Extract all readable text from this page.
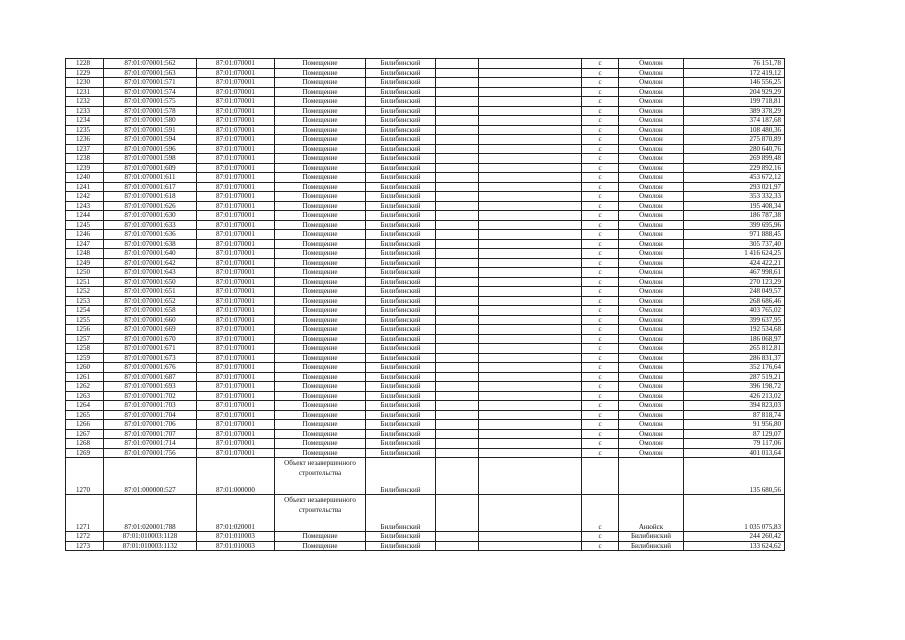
1228	87:01:070001:562	87:01:070001	Помещение	Билибинский			с	Омолон	76 151,78
1229	87:01:070001:563	87:01:070001	Помещение	Билибинский			с	Омолон	172 419,12
1230	87:01:070001:571	87:01:070001	Помещение	Билибинский			с	Омолон	146 556,25
1231	87:01:070001:574	87:01:070001	Помещение	Билибинский			с	Омолон	204 929,29
1232	87:01:070001:575	87:01:070001	Помещение	Билибинский			с	Омолон	199 718,81
1233	87:01:070001:578	87:01:070001	Помещение	Билибинский			с	Омолон	389 378,29
1234	87:01:070001:580	87:01:070001	Помещение	Билибинский			с	Омолон	374 187,68
1235	87:01:070001:591	87:01:070001	Помещение	Билибинский			с	Омолон	108 480,36
1236	87:01:070001:594	87:01:070001	Помещение	Билибинский			с	Омолон	275 870,89
1237	87:01:070001:596	87:01:070001	Помещение	Билибинский			с	Омолон	280 640,76
1238	87:01:070001:598	87:01:070001	Помещение	Билибинский			с	Омолон	269 899,48
1239	87:01:070001:609	87:01:070001	Помещение	Билибинский			с	Омолон	229 892,16
1240	87:01:070001:611	87:01:070001	Помещение	Билибинский			с	Омолон	453 672,12
1241	87:01:070001:617	87:01:070001	Помещение	Билибинский			с	Омолон	293 021,97
1242	87:01:070001:618	87:01:070001	Помещение	Билибинский			с	Омолон	353 332,33
1243	87:01:070001:626	87:01:070001	Помещение	Билибинский			с	Омолон	195 408,34
1244	87:01:070001:630	87:01:070001	Помещение	Билибинский			с	Омолон	186 787,38
1245	87:01:070001:633	87:01:070001	Помещение	Билибинский			с	Омолон	399 695,96
1246	87:01:070001:636	87:01:070001	Помещение	Билибинский			с	Омолон	971 888,45
1247	87:01:070001:638	87:01:070001	Помещение	Билибинский			с	Омолон	305 737,40
1248	87:01:070001:640	87:01:070001	Помещение	Билибинский			с	Омолон	1 416 624,25
1249	87:01:070001:642	87:01:070001	Помещение	Билибинский			с	Омолон	424 422,21
1250	87:01:070001:643	87:01:070001	Помещение	Билибинский			с	Омолон	467 998,61
1251	87:01:070001:650	87:01:070001	Помещение	Билибинский			с	Омолон	270 123,29
1252	87:01:070001:651	87:01:070001	Помещение	Билибинский			с	Омолон	248 049,57
1253	87:01:070001:652	87:01:070001	Помещение	Билибинский			с	Омолон	268 686,46
1254	87:01:070001:658	87:01:070001	Помещение	Билибинский			с	Омолон	403 765,02
1255	87:01:070001:660	87:01:070001	Помещение	Билибинский			с	Омолон	399 637,95
1256	87:01:070001:669	87:01:070001	Помещение	Билибинский			с	Омолон	192 534,68
1257	87:01:070001:670	87:01:070001	Помещение	Билибинский			с	Омолон	186 068,97
1258	87:01:070001:671	87:01:070001	Помещение	Билибинский			с	Омолон	265 812,81
1259	87:01:070001:673	87:01:070001	Помещение	Билибинский			с	Омолон	286 831,37
1260	87:01:070001:676	87:01:070001	Помещение	Билибинский			с	Омолон	352 176,64
1261	87:01:070001:687	87:01:070001	Помещение	Билибинский			с	Омолон	287 519,21
1262	87:01:070001:693	87:01:070001	Помещение	Билибинский			с	Омолон	396 198,72
1263	87:01:070001:702	87:01:070001	Помещение	Билибинский			с	Омолон	426 213,02
1264	87:01:070001:703	87:01:070001	Помещение	Билибинский			с	Омолон	394 823,03
1265	87:01:070001:704	87:01:070001	Помещение	Билибинский			с	Омолон	87 818,74
1266	87:01:070001:706	87:01:070001	Помещение	Билибинский			с	Омолон	91 956,80
1267	87:01:070001:707	87:01:070001	Помещение	Билибинский			с	Омолон	87 129,07
1268	87:01:070001:714	87:01:070001	Помещение	Билибинский			с	Омолон	79 117,06
1269	87:01:070001:756	87:01:070001	Помещение	Билибинский			с	Омолон	401 013,64
1270	87:01:000000:527	87:01:000000	Объект незавершенного строительства	Билибинский					135 680,56
1271	87:01:020001:788	87:01:020001	Объект незавершенного строительства	Билибинский			с	Анюйск	1 035 075,83
1272	87:01:010003:1128	87:01:010003	Помещение	Билибинский			с	Билибинский	244 260,42
1273	87:01:010003:1132	87:01:010003	Помещение	Билибинский			с	Билибинский	133 624,62
